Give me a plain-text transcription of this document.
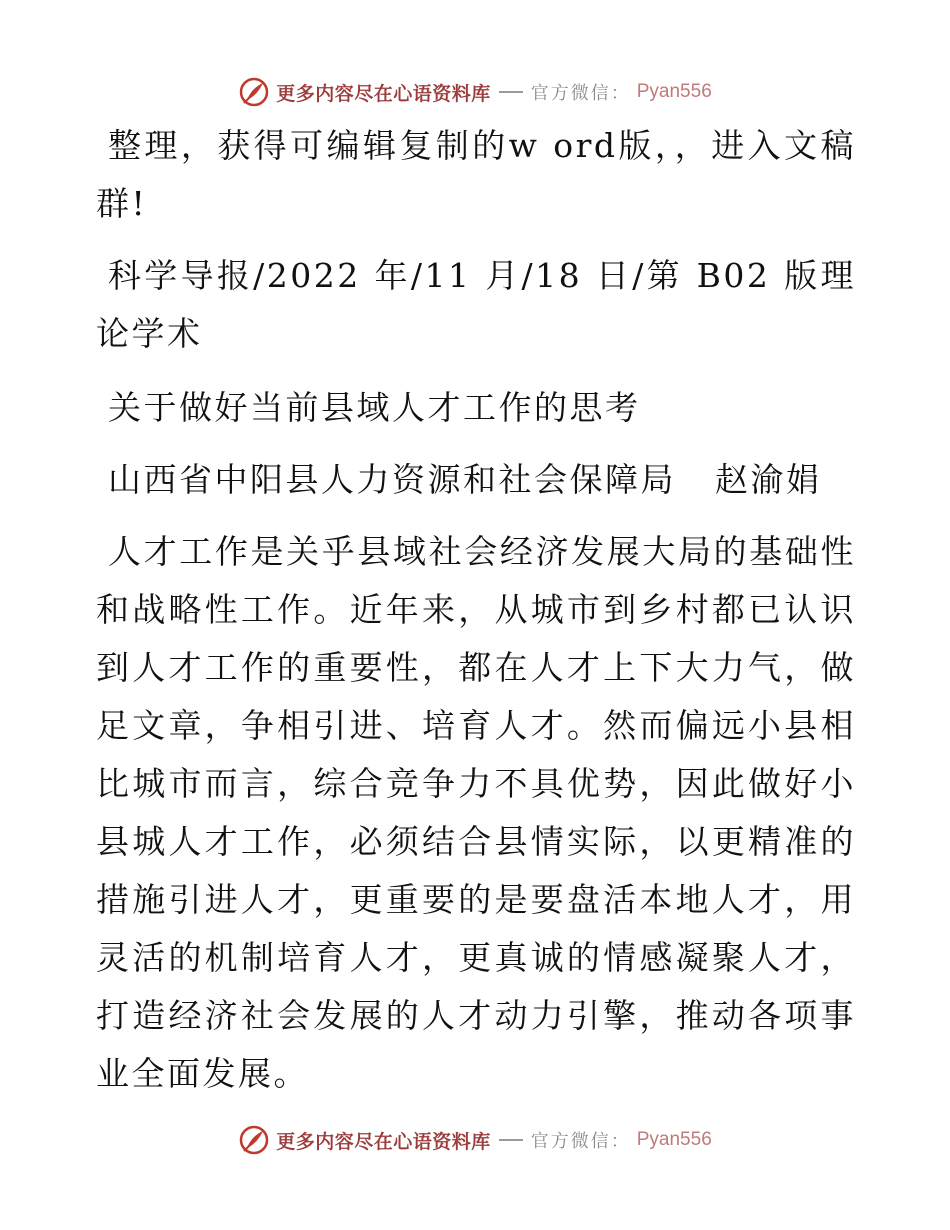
更多内容尽在心语资料库 官方微信： Pyan556

整理，获得可编辑复制的w ord版，，进入文稿群!

科学导报/2022 年/11 月/18 日/第 B02 版理论学术

关于做好当前县域人才工作的思考

山西省中阳县人力资源和社会保障局   赵渝娟

人才工作是关乎县域社会经济发展大局的基础性和战略性工作。近年来，从城市到乡村都已认识到人才工作的重要性，都在人才上下大力气，做足文章，争相引进、培育人才。然而偏远小县相比城市而言，综合竞争力不具优势，因此做好小县城人才工作，必须结合县情实际，以更精准的措施引进人才，更重要的是要盘活本地人才，用灵活的机制培育人才，更真诚的情感凝聚人才，打造经济社会发展的人才动力引擎，推动各项事业全面发展。

更多内容尽在心语资料库 官方微信： Pyan556
